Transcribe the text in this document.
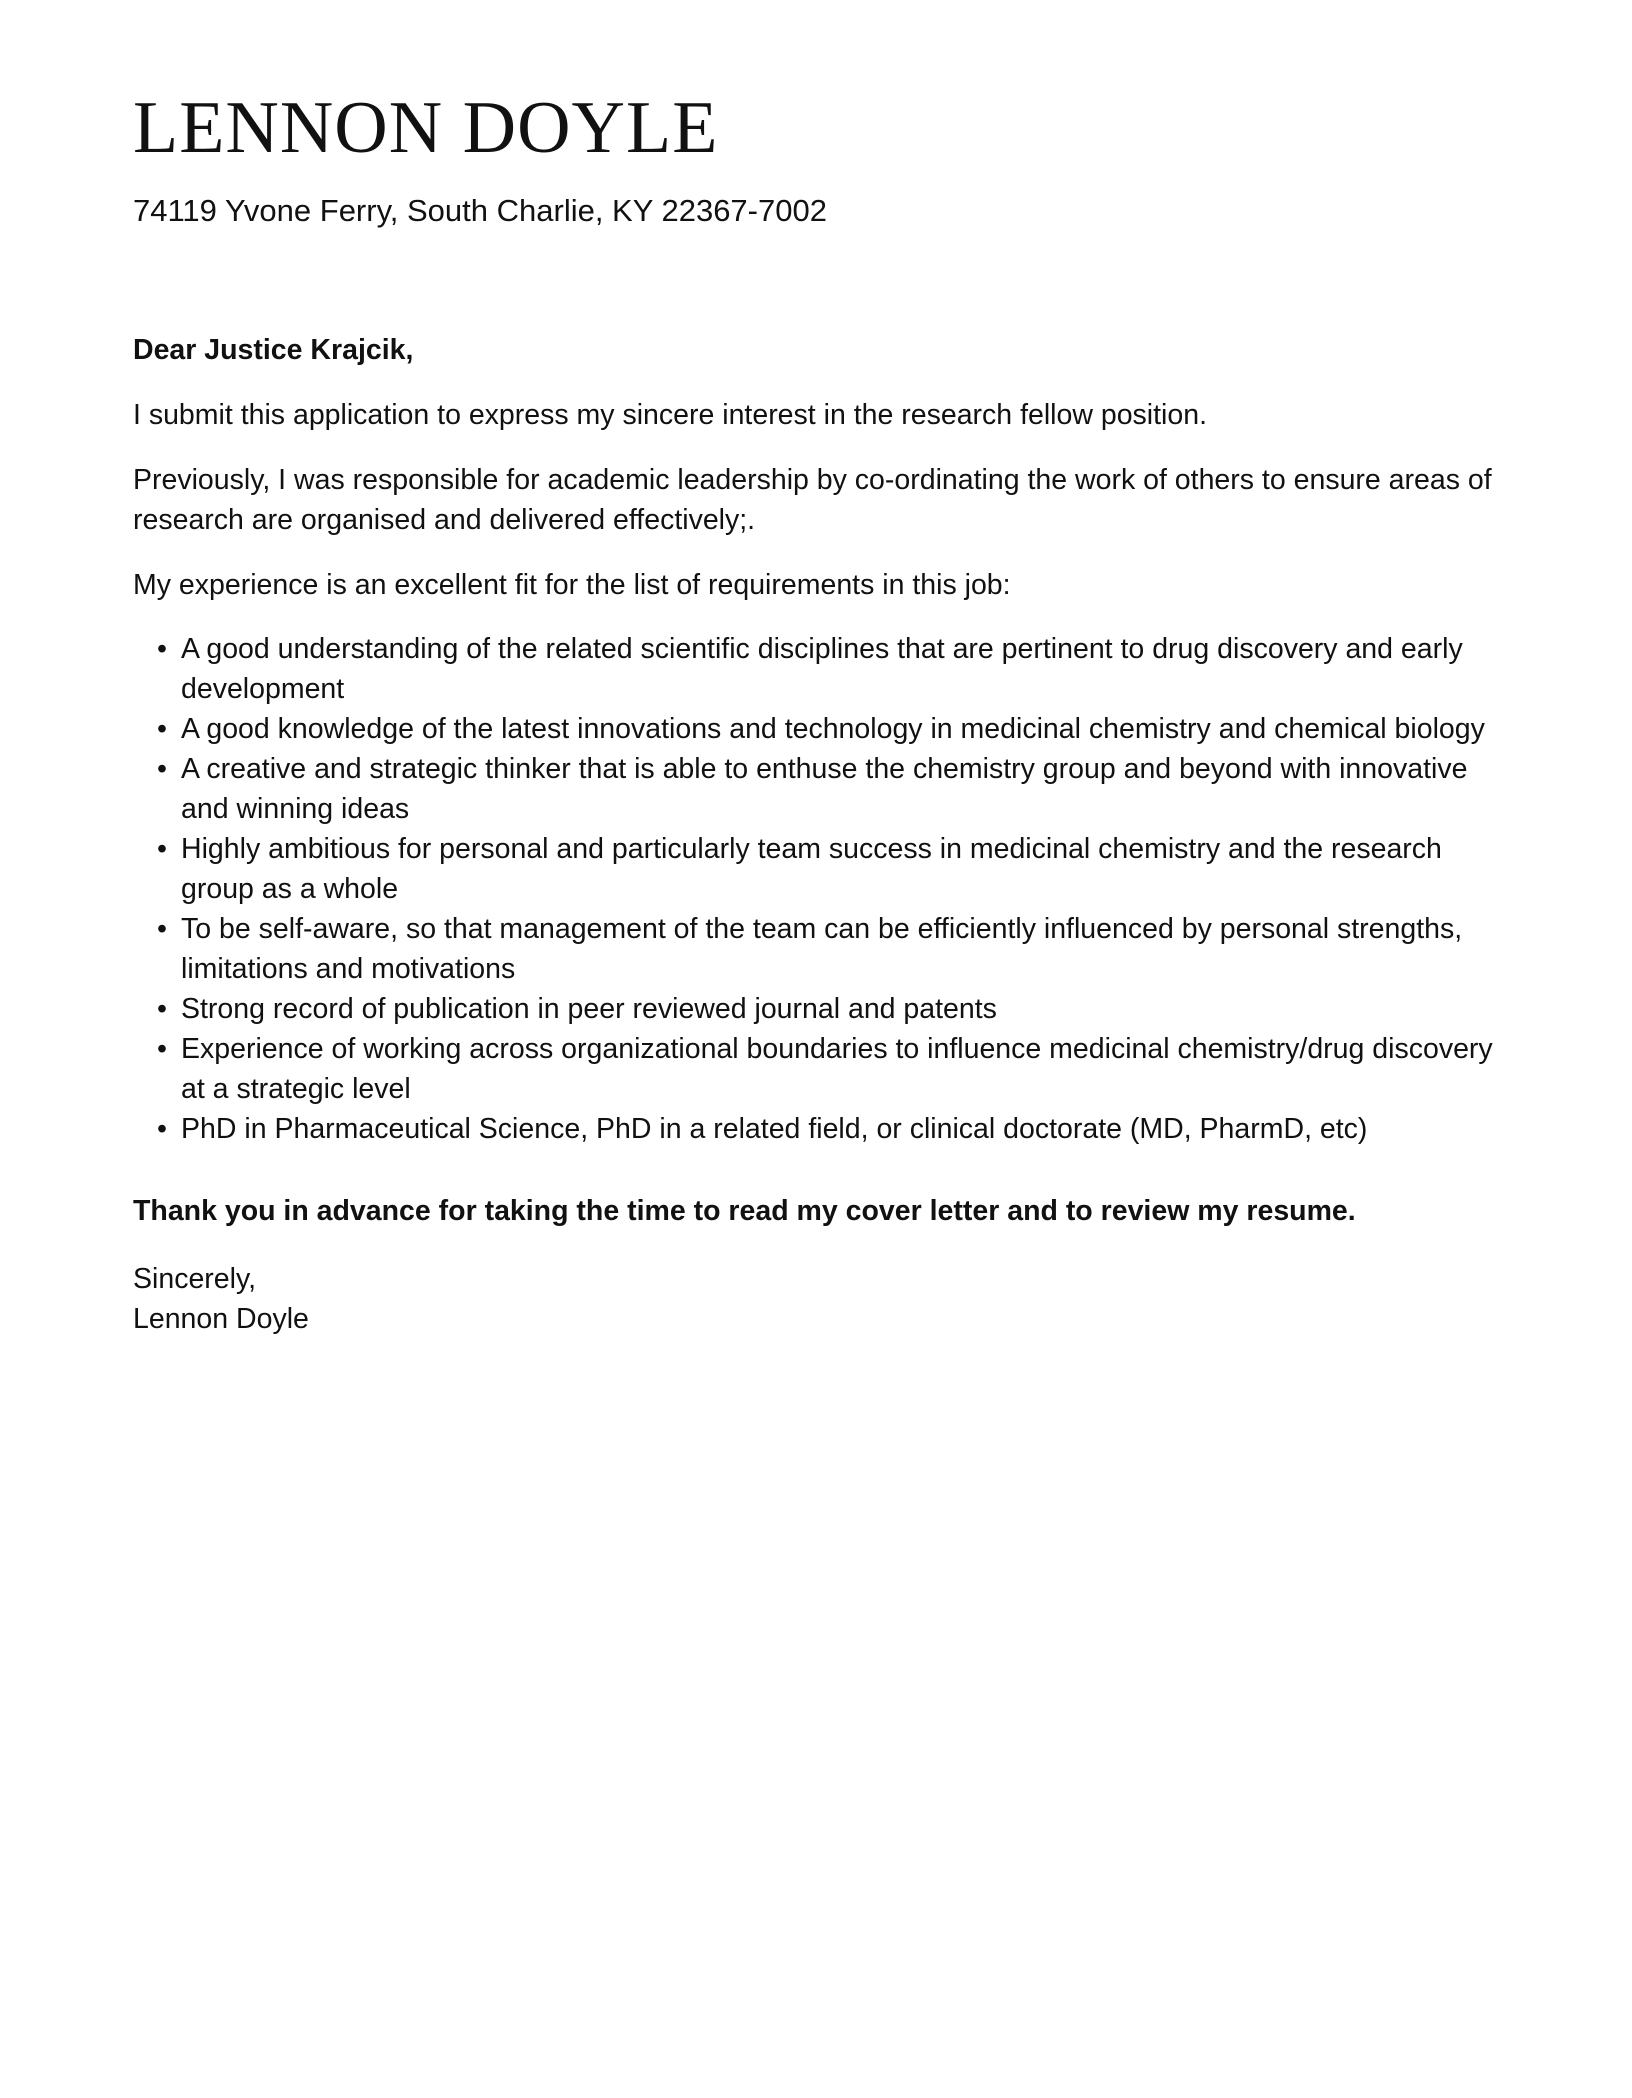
LENNON DOYLE
74119 Yvone Ferry, South Charlie, KY 22367-7002
Dear Justice Krajcik,
I submit this application to express my sincere interest in the research fellow position.
Previously, I was responsible for academic leadership by co-ordinating the work of others to ensure areas of research are organised and delivered effectively;.
My experience is an excellent fit for the list of requirements in this job:
• A good understanding of the related scientific disciplines that are pertinent to drug discovery and early development
• A good knowledge of the latest innovations and technology in medicinal chemistry and chemical biology
• A creative and strategic thinker that is able to enthuse the chemistry group and beyond with innovative and winning ideas
• Highly ambitious for personal and particularly team success in medicinal chemistry and the research group as a whole
• To be self-aware, so that management of the team can be efficiently influenced by personal strengths, limitations and motivations
• Strong record of publication in peer reviewed journal and patents
• Experience of working across organizational boundaries to influence medicinal chemistry/drug discovery at a strategic level
• PhD in Pharmaceutical Science, PhD in a related field, or clinical doctorate (MD, PharmD, etc)
Thank you in advance for taking the time to read my cover letter and to review my resume.
Sincerely,
Lennon Doyle
